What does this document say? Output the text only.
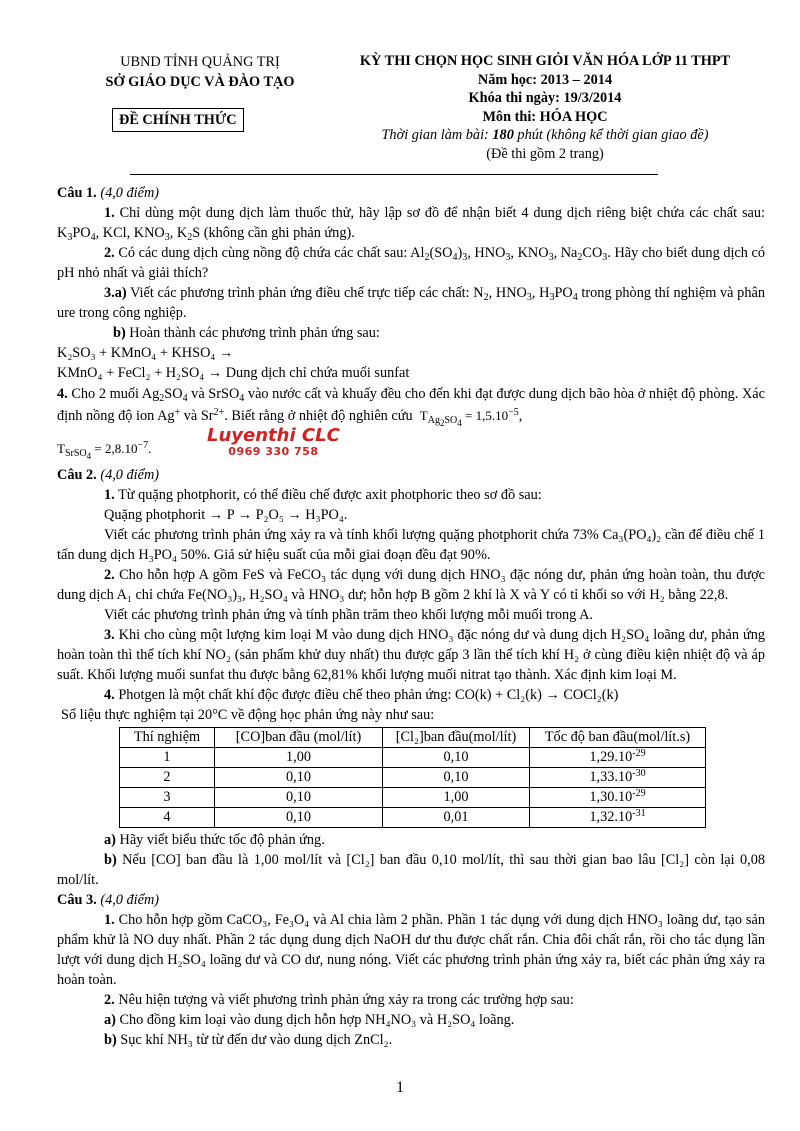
UBND TỈNH QUẢNG TRỊ
SỞ GIÁO DỤC VÀ ĐÀO TẠO
ĐỀ CHÍNH THỨC
KỲ THI CHỌN HỌC SINH GIỎI VĂN HÓA LỚP 11 THPT
Năm học: 2013 – 2014
Khóa thi ngày: 19/3/2014
Môn thi: HÓA HỌC
Thời gian làm bài: 180 phút (không kể thời gian giao đề)
(Đề thi gồm 2 trang)
Luyenthi CLC
0969 330 758

Câu 1. (4,0 điểm)

1. Chỉ dùng một dung dịch làm thuốc thử, hãy lập sơ đồ để nhận biết 4 dung dịch riêng biệt chứa các chất sau: $K_3PO_4$, KCl, $KNO_3$, $K_2S$ (không cần ghi phản ứng).

2. Có các dung dịch cùng nồng độ chứa các chất sau: $Al_2(SO_4)_3$, $HNO_3$, $KNO_3$, $Na_2CO_3$. Hãy cho biết dung dịch có pH nhỏ nhất và giải thích?

3.a) Viết các phương trình phản ứng điều chế trực tiếp các chất: $N_2$, $HNO_3$, $H_3PO_4$ trong phòng thí nghiệm và phân ure trong công nghiệp.

b) Hoàn thành các phương trình phản ứng sau:

K₂SO₃ + KMnO₄ + KHSO₄ →

KMnO₄ + FeCl₂ + H₂SO₄ → Dung dịch chỉ chứa muối sunfat

4. Cho 2 muối $Ag_2SO_4$ và SrSO$_4$ vào nước cất và khuấy đều cho đến khi đạt được dung dịch bão hòa ở nhiệt độ phòng. Xác định nồng độ ion Ag+ và $Sr^{2+}$. Biết rằng ở nhiệt độ nghiên cứu $T_{Ag_2SO_4} = 1,5.10^{-5}$,

$T_{SrSO_4} = 2,8.10^{-7}$.

Câu 2. (4,0 điểm)

1. Từ quặng photphorit, có thể điều chế được axit photphoric theo sơ đồ sau:

Quặng photphorit → P → P₂O₅ → H₃PO₄.

Viết các phương trình phản ứng xảy ra và tính khối lượng quặng photphorit chứa 73% Ca₃(PO₄)₂ cần để điều chế 1 tấn dung dịch H₃PO₄ 50%. Giả sử hiệu suất của mỗi giai đoạn đều đạt 90%.

2. Cho hỗn hợp A gồm FeS và FeCO₃ tác dụng với dung dịch HNO₃ đặc nóng dư, phản ứng hoàn toàn, thu được dung dịch A₁ chỉ chứa Fe(NO₃)₃, H₂SO₄ và HNO₃ dư; hỗn hợp B gồm 2 khí là X và Y có tỉ khối so với H₂ bằng 22,8.

Viết các phương trình phản ứng và tính phần trăm theo khối lượng mỗi muối trong A.

3. Khi cho cùng một lượng kim loại M vào dung dịch HNO₃ đặc nóng dư và dung dịch H₂SO₄ loãng dư, phản ứng hoàn toàn thì thể tích khí NO₂ (sản phẩm khử duy nhất) thu được gấp 3 lần thể tích khí H₂ ở cùng điều kiện nhiệt độ và áp suất. Khối lượng muối sunfat thu được bằng 62,81% khối lượng muối nitrat tạo thành. Xác định kim loại M.

4. Photgen là một chất khí độc được điều chế theo phản ứng: CO(k) + Cl₂(k) → COCl₂(k)

Số liệu thực nghiệm tại 20°C về động học phản ứng này như sau:

Thí nghiệm	[CO]ban đầu (mol/lít)	[Cl₂]ban đầu(mol/lít)	Tốc độ ban đầu(mol/lít.s)
1	1,00	0,10	$1,29.10^{-29}$
2	0,10	0,10	$1,33.10^{-30}$
3	0,10	1,00	$1,30.10^{-29}$
4	0,10	0,01	$1,32.10^{-31}$

a) Hãy viết biểu thức tốc độ phản ứng.

b) Nếu [CO] ban đầu là 1,00 mol/lít và [Cl₂] ban đầu 0,10 mol/lít, thì sau thời gian bao lâu [Cl₂] còn lại 0,08 mol/lít.

Câu 3. (4,0 điểm)

1. Cho hỗn hợp gồm CaCO₃, Fe₃O₄ và Al chia làm 2 phần. Phần 1 tác dụng với dung dịch HNO₃ loãng dư, tạo sản phẩm khử là NO duy nhất. Phần 2 tác dụng dung dịch NaOH dư thu được chất rắn. Chia đôi chất rắn, rồi cho tác dụng lần lượt với dung dịch H₂SO₄ loãng dư và CO dư, nung nóng. Viết các phương trình phản ứng xảy ra, biết các phản ứng xảy ra hoàn toàn.

2. Nêu hiện tượng và viết phương trình phản ứng xảy ra trong các trường hợp sau:

a) Cho đồng kim loại vào dung dịch hỗn hợp NH₄NO₃ và H₂SO₄ loãng.

b) Sục khí NH₃ từ từ đến dư vào dung dịch ZnCl₂.

1
